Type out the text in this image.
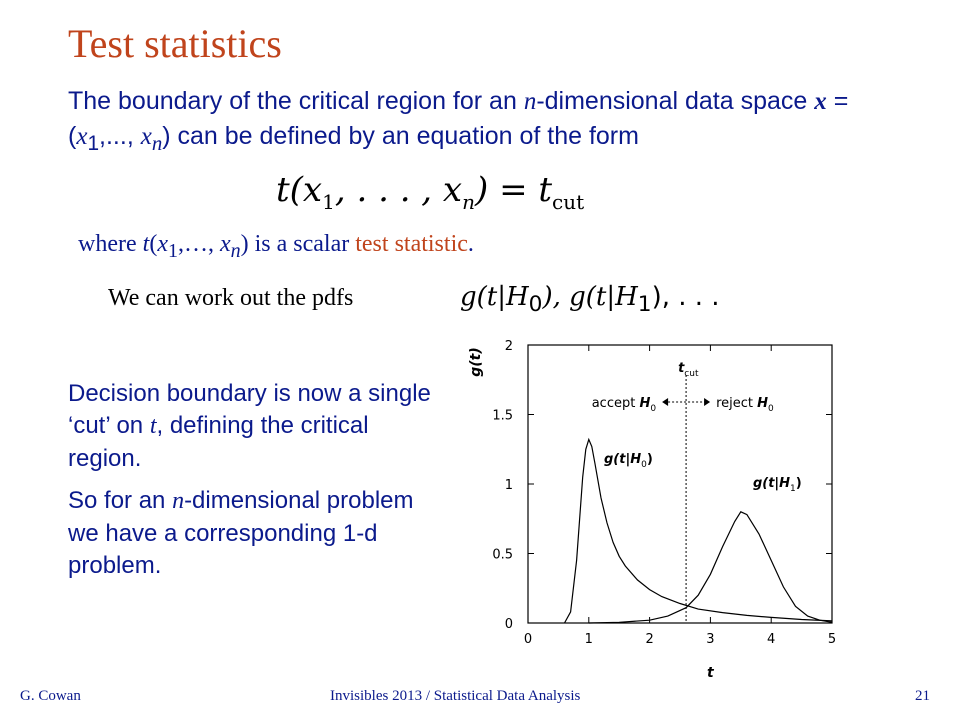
Test statistics
The boundary of the critical region for an n-dimensional data space $x = (x_1$,..., $x_n$) can be defined by an equation of the form
$t(x_1$, . . . , $x_n) = t_{cut}$
where $t(x_1,\dots$, $x_n$) is a scalar test statistic.
We can work out the pdfs	$g(t|H_0)$, $g(t|H_1)$, . . .

Decision boundary is now a single ‘cut’ on t, defining the critical region.

So for an n-dimensional problem we have a corresponding 1-d problem.

0	1	2	3	4	5
0
0.5
1
1.5
2
g(t)
t
$t_{cut}$
accept $H_0$	reject $H_0$
$g(t|H_0)$
$g(t|H_1)$
G. Cowan	Invisibles 2013 / Statistical Data Analysis	21
